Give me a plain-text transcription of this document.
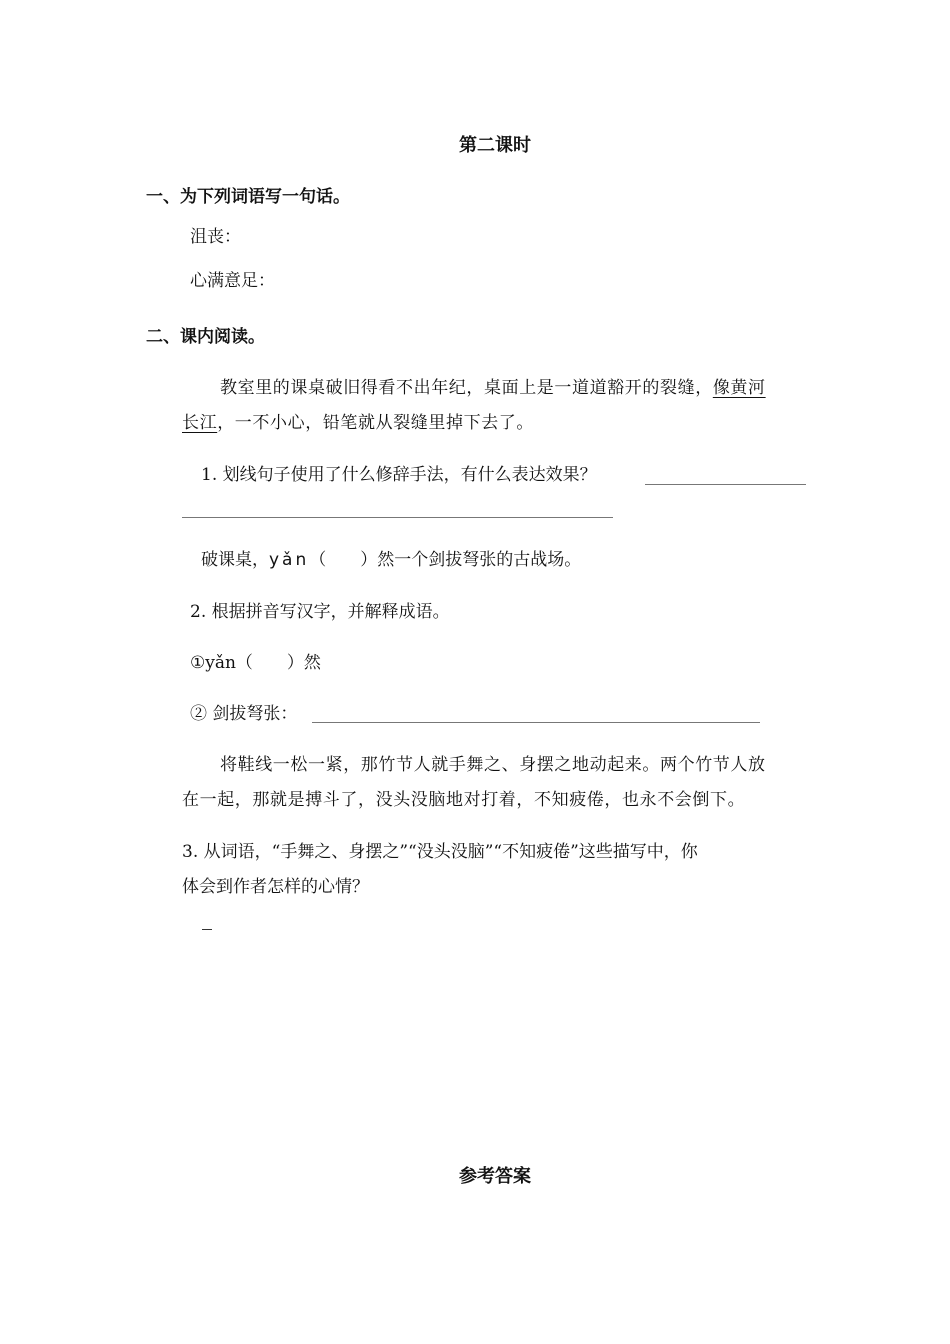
第二课时
一、为下列词语写一句话。
沮丧：
心满意足：
二、课内阅读。
教室里的课桌破旧得看不出年纪，桌面上是一道道豁开的裂缝，像黄河
长江，一不小心，铅笔就从裂缝里掉下去了。
1. 划线句子使用了什么修辞手法，有什么表达效果？
破课桌，yǎn（　　）然一个剑拔弩张的古战场。
2. 根据拼音写汉字，并解释成语。
①yǎn（　　）然
② 剑拔弩张：
将鞋线一松一紧，那竹节人就手舞之、身摆之地动起来。两个竹节人放
在一起，那就是搏斗了，没头没脑地对打着，不知疲倦，也永不会倒下。
3. 从词语，“手舞之、身摆之”“没头没脑”“不知疲倦”这些描写中，你
体会到作者怎样的心情？
参考答案
